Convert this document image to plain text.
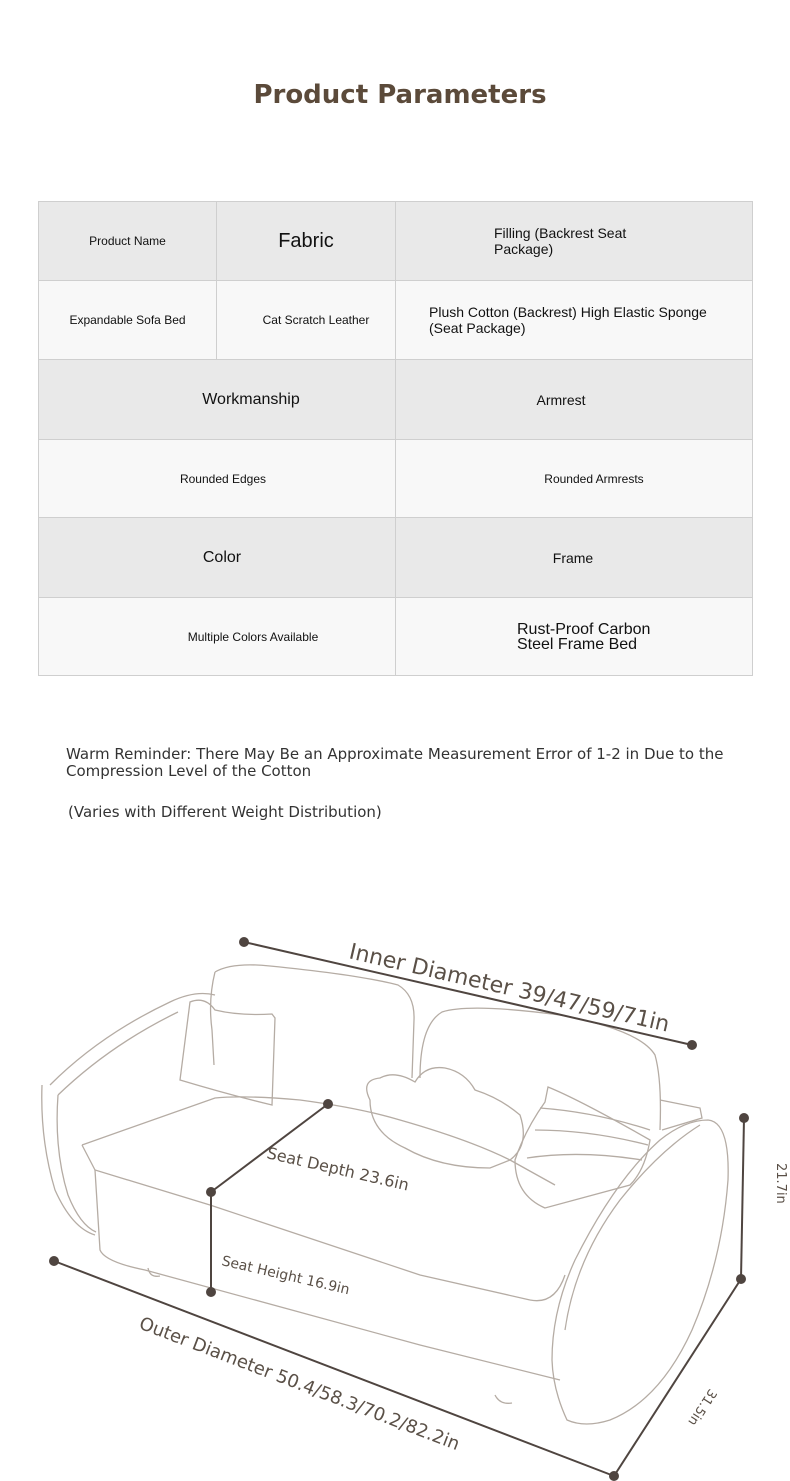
Product Parameters
Product Name	Fabric	Filling (Backrest Seat Package)

Expandable Sofa Bed	Cat Scratch Leather	Plush Cotton (Backrest) High Elastic Sponge (Seat Package)

Workmanship		Armrest

Rounded Edges		Rounded Armrests

Color		Frame

Multiple Colors Available		Rust-Proof Carbon Steel Frame Bed
Warm Reminder: There May Be an Approximate Measurement Error of 1-2 in Due to the Compression Level of the Cotton
(Varies with Different Weight Distribution)
Inner Diameter 39/47/59/71in
Seat Depth 23.6in
Seat Height 16.9in
Outer Diameter 50.4/58.3/70.2/82.2in
21.7in
31.5in
